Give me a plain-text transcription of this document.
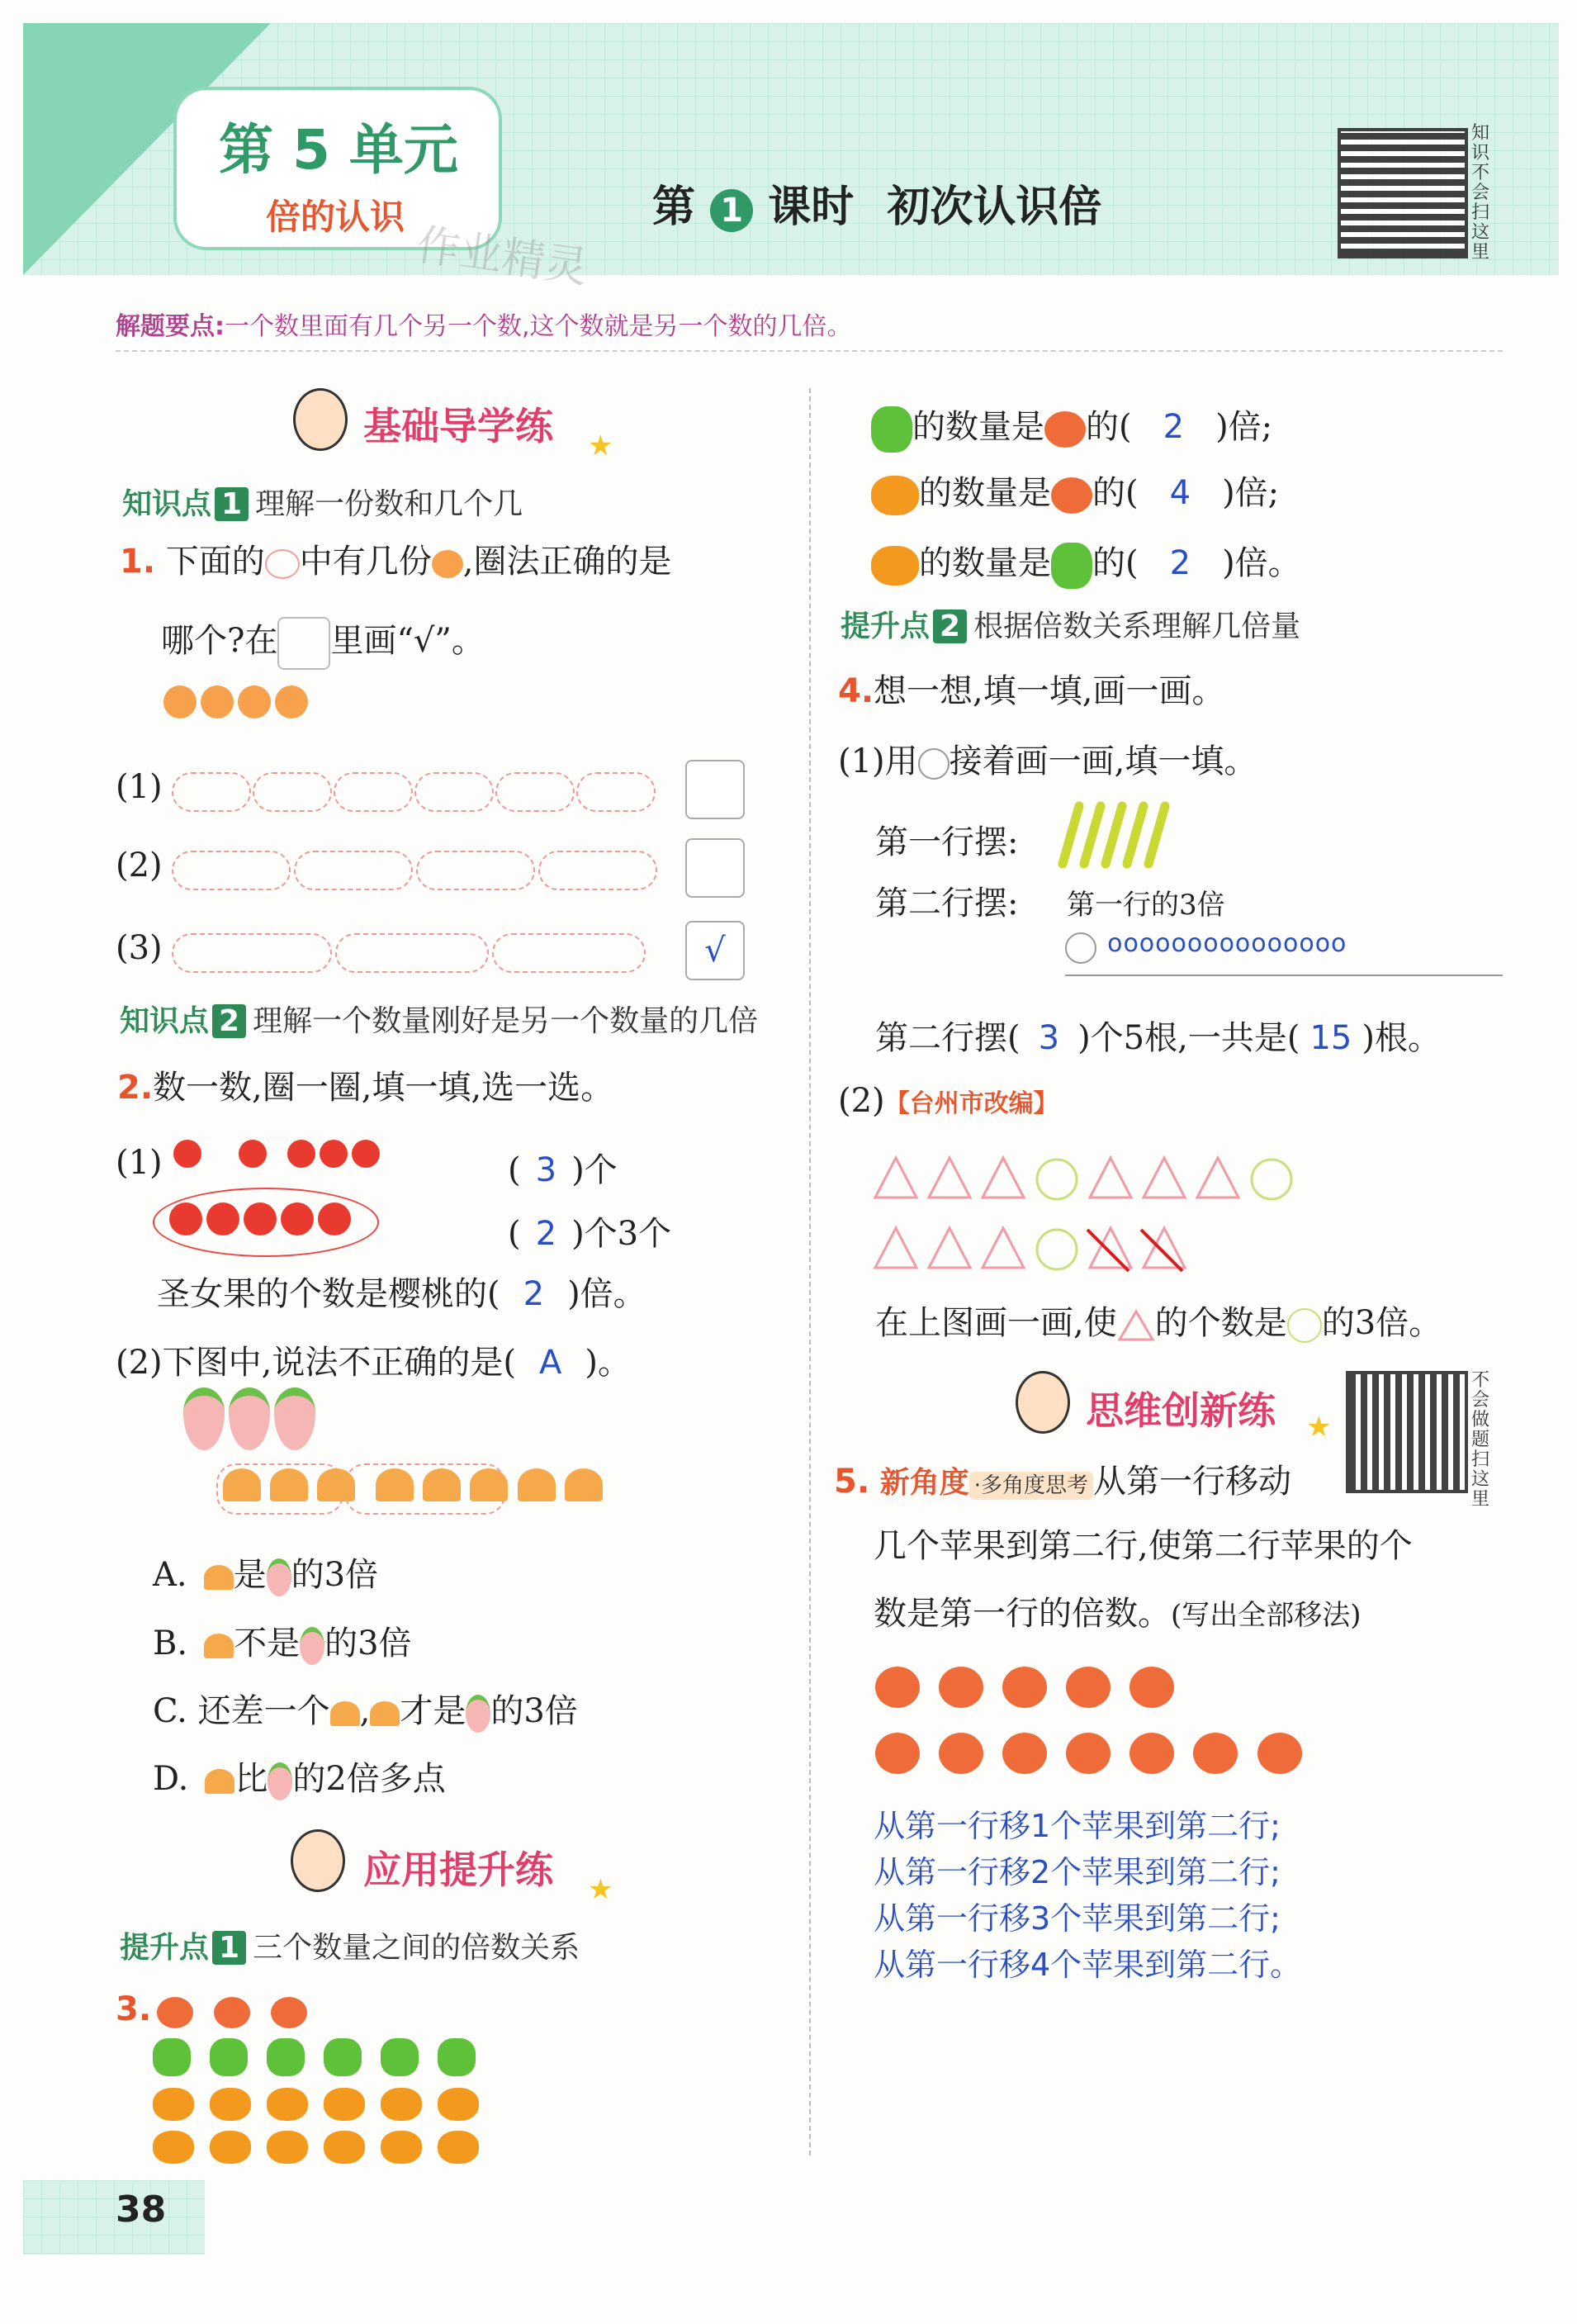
第 5 单元
倍的认识
作业精灵
第 1 课时 初次认识倍
知识不会扫这里
解题要点:一个数里面有几个另一个数,这个数就是另一个数的几倍。
基础导学练 ★
知识点 1 理解一份数和几个几
1. 下面的 中有几份 ,圈法正确的是
哪个?在 里画“√”。

(1)
(2)
(3)	√
知识点 2 理解一个数量刚好是另一个数量的几倍
2.数一数,圈一圈,填一填,选一选。
(1)

	( 3 )个
( 2 )个3个
圣女果的个数是樱桃的( 2 )倍。
(2)下图中,说法不正确的是( A )。

A. 是 的3倍
B. 不是 的3倍
C. 还差一个 , 才是 的3倍
D. 比 的2倍多点
应用提升练 ★
提升点 1 三个数量之间的倍数关系
3.

的数量是 的( 2 )倍;
的数量是 的( 4 )倍;
的数量是 的( 2 )倍。
提升点 2 根据倍数关系理解几倍量
4.想一想,填一填,画一画。
(1)用 接着画一画,填一填。
第一行摆:
第二行摆: 第一行的3倍
ooooooooooooooo
第二行摆( 3 )个5根,一共是( 15 )根。
(2)【台州市改编】
在上图画一画,使 的个数是 的3倍。
思维创新练 ★
不会做题扫这里
5. 新角度 ·多角度思考 从第一行移动
几个苹果到第二行,使第二行苹果的个
数是第一行的倍数。(写出全部移法)

从第一行移1个苹果到第二行;
从第一行移2个苹果到第二行;
从第一行移3个苹果到第二行;
从第一行移4个苹果到第二行。
38
